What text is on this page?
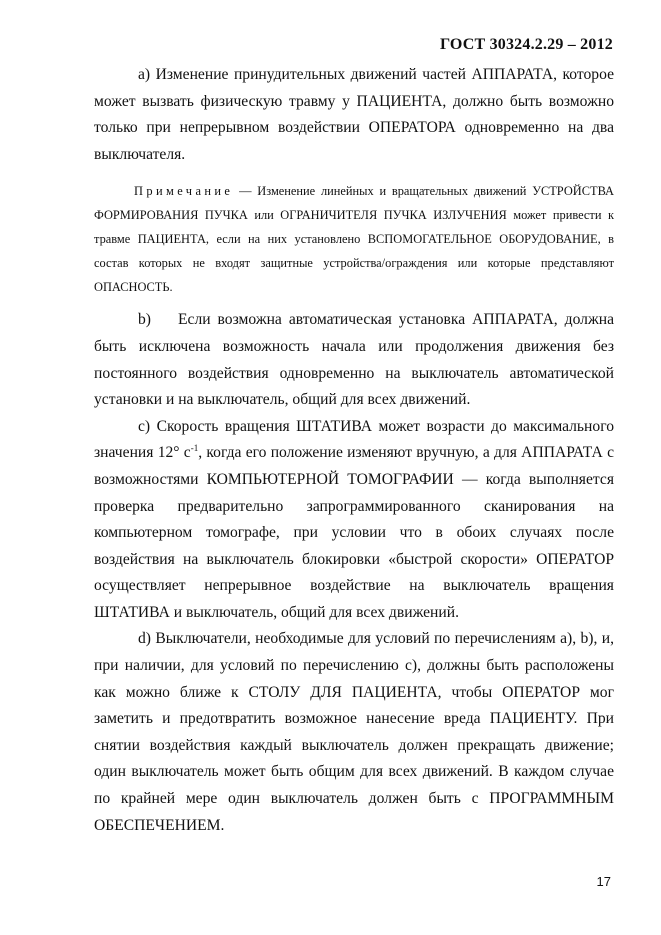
ГОСТ 30324.2.29 – 2012

а) Изменение принудительных движений частей АППАРАТА, которое может вызвать физическую травму у ПАЦИЕНТА, должно быть возможно только при непрерывном воздействии ОПЕРАТОРА одновременно на два выключателя.

Примечание — Изменение линейных и вращательных движений УСТРОЙСТВА ФОРМИРОВАНИЯ ПУЧКА или ОГРАНИЧИТЕЛЯ ПУЧКА ИЗЛУЧЕНИЯ может привести к травме ПАЦИЕНТА, если на них установлено ВСПОМОГАТЕЛЬНОЕ ОБОРУДОВАНИЕ, в состав которых не входят защитные устройства/ограждения или которые представляют ОПАСНОСТЬ.

b) Если возможна автоматическая установка АППАРАТА, должна быть исключена возможность начала или продолжения движения без постоянного воздействия одновременно на выключатель автоматической установки и на выключатель, общий для всех движений.

с) Скорость вращения ШТАТИВА может возрасти до максимального значения 12° $с^{-1}$, когда его положение изменяют вручную, а для АППАРАТА с возможностями КОМПЬЮТЕРНОЙ ТОМОГРАФИИ — когда выполняется проверка предварительно запрограммированного сканирования на компьютерном томографе, при условии что в обоих случаях после воздействия на выключатель блокировки «быстрой скорости» ОПЕРАТОР осуществляет непрерывное воздействие на выключатель вращения ШТАТИВА и выключатель, общий для всех движений.

d) Выключатели, необходимые для условий по перечислениям а), b), и, при наличии, для условий по перечислению с), должны быть расположены как можно ближе к СТОЛУ ДЛЯ ПАЦИЕНТА, чтобы ОПЕРАТОР мог заметить и предотвратить возможное нанесение вреда ПАЦИЕНТУ. При снятии воздействия каждый выключатель должен прекращать движение; один выключатель может быть общим для всех движений. В каждом случае по крайней мере один выключатель должен быть с ПРОГРАММНЫМ ОБЕСПЕЧЕНИЕМ.

17
